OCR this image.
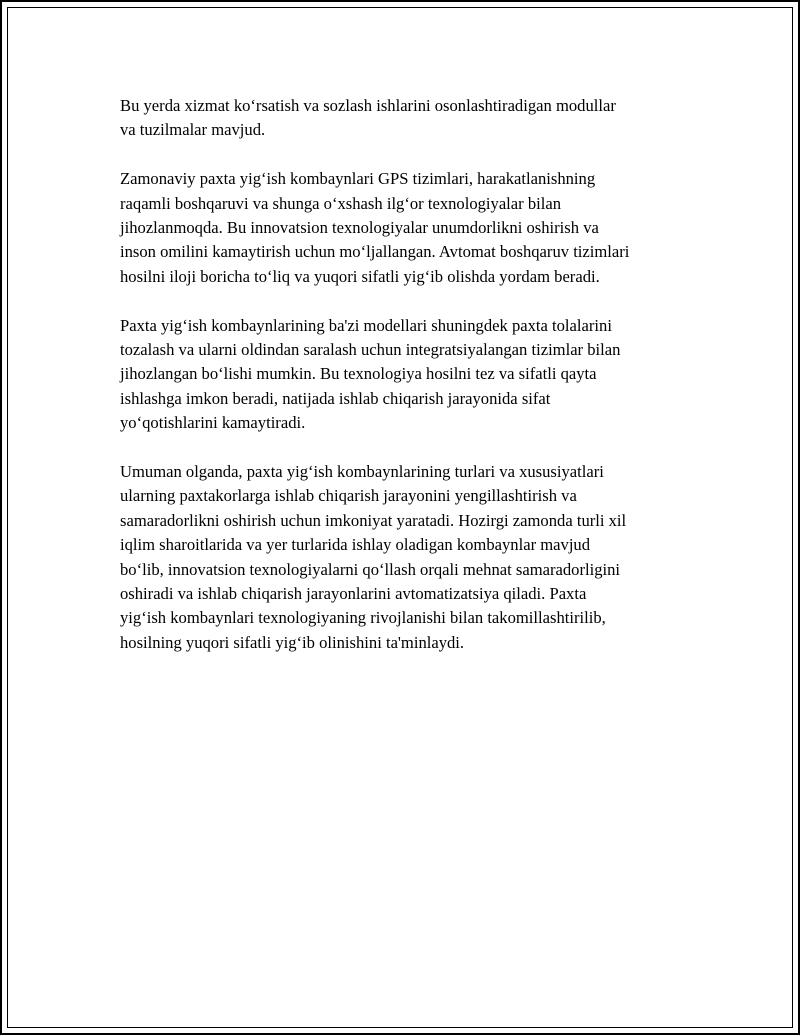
Bu yerda xizmat koʻrsatish va sozlash ishlarini osonlashtiradigan modullar
va tuzilmalar mavjud.

Zamonaviy paxta yigʻish kombaynlari GPS tizimlari, harakatlanishning
raqamli boshqaruvi va shunga oʻxshash ilgʻor texnologiyalar bilan
jihozlanmoqda. Bu innovatsion texnologiyalar unumdorlikni oshirish va
inson omilini kamaytirish uchun moʻljallangan. Avtomat boshqaruv tizimlari
hosilni iloji boricha toʻliq va yuqori sifatli yigʻib olishda yordam beradi.

Paxta yigʻish kombaynlarining ba'zi modellari shuningdek paxta tolalarini
tozalash va ularni oldindan saralash uchun integratsiyalangan tizimlar bilan
jihozlangan boʻlishi mumkin. Bu texnologiya hosilni tez va sifatli qayta
ishlashga imkon beradi, natijada ishlab chiqarish jarayonida sifat
yoʻqotishlarini kamaytiradi.

Umuman olganda, paxta yigʻish kombaynlarining turlari va xususiyatlari
ularning paxtakorlarga ishlab chiqarish jarayonini yengillashtirish va
samaradorlikni oshirish uchun imkoniyat yaratadi. Hozirgi zamonda turli xil
iqlim sharoitlarida va yer turlarida ishlay oladigan kombaynlar mavjud
boʻlib, innovatsion texnologiyalarni qoʻllash orqali mehnat samaradorligini
oshiradi va ishlab chiqarish jarayonlarini avtomatizatsiya qiladi. Paxta
yigʻish kombaynlari texnologiyaning rivojlanishi bilan takomillashtirilib,
hosilning yuqori sifatli yigʻib olinishini ta'minlaydi.
